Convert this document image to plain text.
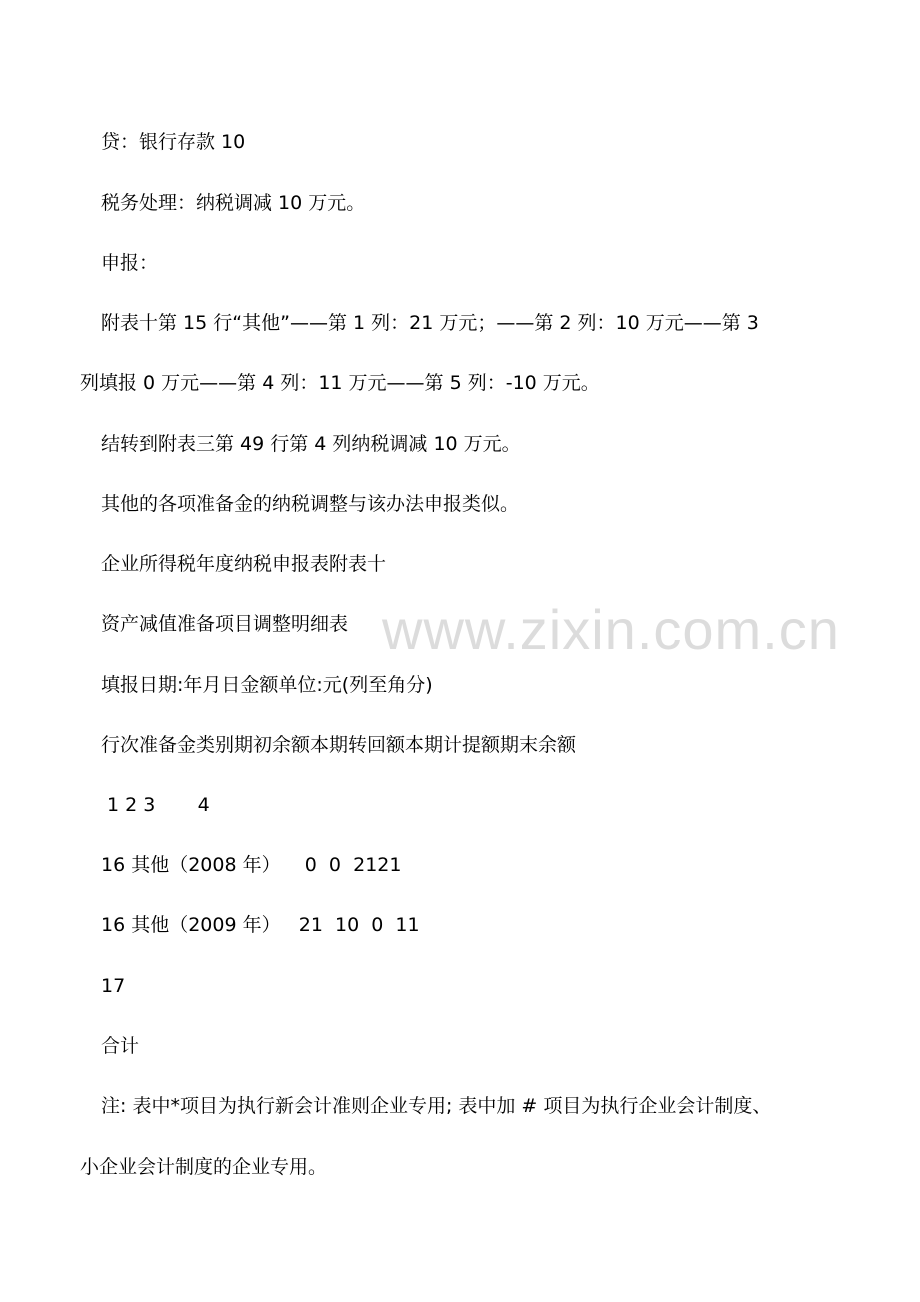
贷：银行存款 10
税务处理：纳税调减 10 万元。
申报：
附表十第 15 行“其他”——第 1 列：21 万元；——第 2 列：10 万元——第 3
列填报 0 万元——第 4 列：11 万元——第 5 列：-10 万元。
结转到附表三第 49 行第 4 列纳税调减 10 万元。
其他的各项准备金的纳税调整与该办法申报类似。
企业所得税年度纳税申报表附表十
资产减值准备项目调整明细表
填报日期:年月日金额单位:元(列至角分)
行次准备金类别期初余额本期转回额本期计提额期末余额
1 2 3       4
16 其他（2008 年）    0  0  2121
16 其他（2009 年）   21  10  0  11
17
合计
注: 表中*项目为执行新会计准则企业专用; 表中加 # 项目为执行企业会计制度、
小企业会计制度的企业专用。
www.zixin.com.cn
